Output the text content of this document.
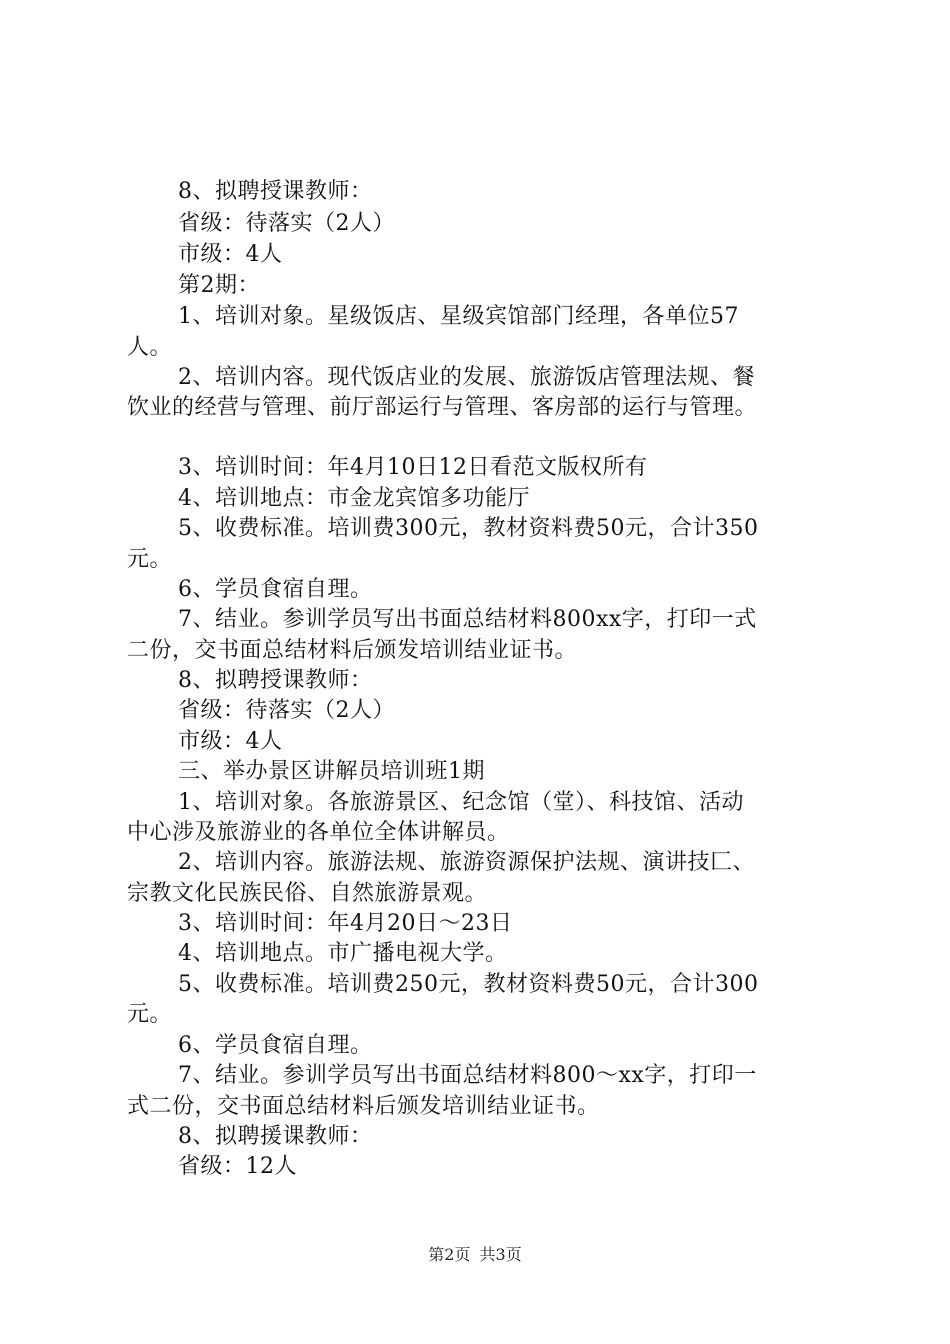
8、拟聘授课教师：
省级：待落实（2人）
市级：4人
第2期：
1、培训对象。星级饭店、星级宾馆部门经理，各单位57
人。
2、培训内容。现代饭店业的发展、旅游饭店管理法规、餐
饮业的经营与管理、前厅部运行与管理、客房部的运行与管理。
3、培训时间：年4月10日12日看范文版权所有
4、培训地点：市金龙宾馆多功能厅
5、收费标准。培训费300元，教材资料费50元，合计350
元。
6、学员食宿自理。
7、结业。参训学员写出书面总结材料800xx字，打印一式
二份，交书面总结材料后颁发培训结业证书。
8、拟聘授课教师：
省级：待落实（2人）
市级：4人
三、举办景区讲解员培训班1期
1、培训对象。各旅游景区、纪念馆（堂）、科技馆、活动
中心涉及旅游业的各单位全体讲解员。
2、培训内容。旅游法规、旅游资源保护法规、演讲技匚、
宗教文化民族民俗、自然旅游景观。
3、培训时间：年4月20日～23日
4、培训地点。市广播电视大学。
5、收费标准。培训费250元，教材资料费50元，合计300
元。
6、学员食宿自理。
7、结业。参训学员写出书面总结材料800～xx字，打印一
式二份，交书面总结材料后颁发培训结业证书。
8、拟聘援课教师：
省级：12人
第2页 共3页
